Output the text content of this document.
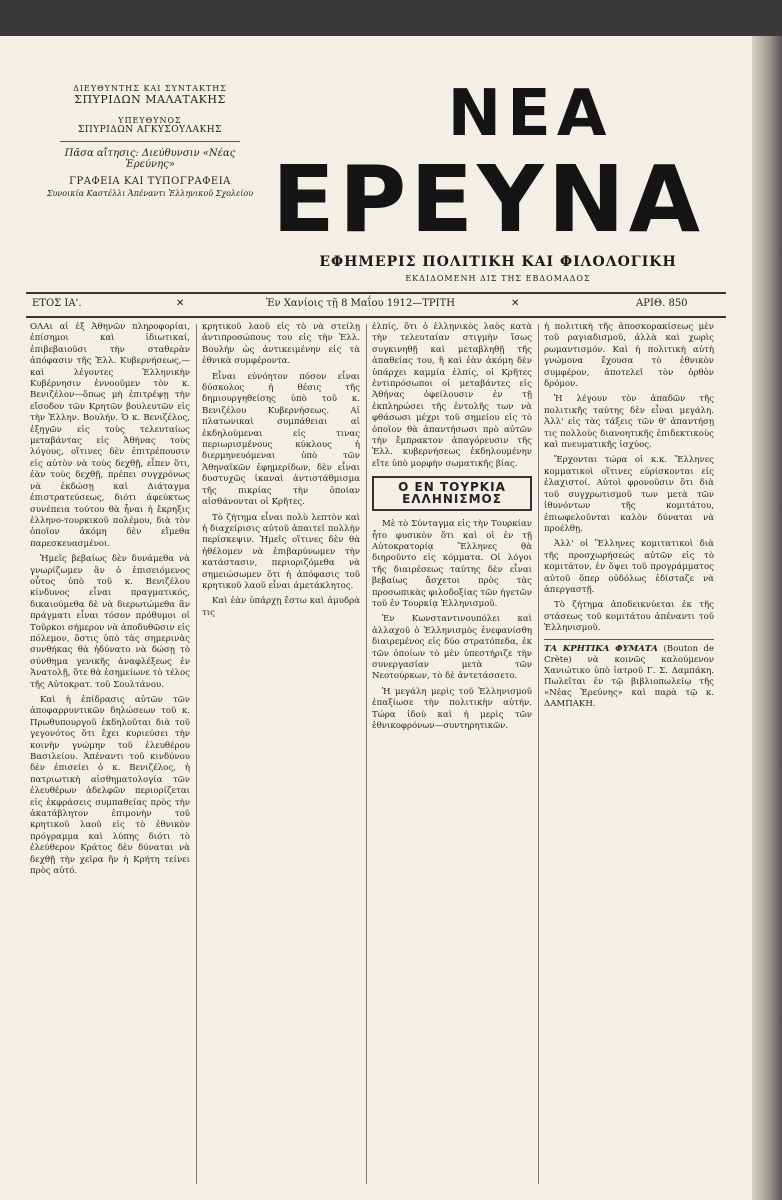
ΔΙΕΥΘΥΝΤΗΣ ΚΑΙ ΣΥΝΤΑΚΤΗΣ
ΣΠΥΡΙΔΩΝ ΜΑΛΑΤΑΚΗΣ
ΥΠΕΥΘΥΝΟΣ
ΣΠΥΡΙΔΩΝ ΑΓΚΥΣΟΥΛΑΚΗΣ
Πᾶσα αἴτησις: Διεύθυνσιν «Νέας Ἐρεύνης»
ΓΡΑΦΕΙΑ ΚΑΙ ΤΥΠΟΓΡΑΦΕΙΑ
Συνοικία Καστέλλι Ἀπέναντι Ἑλληνικοῦ Σχολείου
ΝΕΑ
ΕΡΕΥΝΑ
ΕΦΗΜΕΡΙΣ ΠΟΛΙΤΙΚΗ ΚΑΙ ΦΙΛΟΛΟΓΙΚΗ
ΕΚΔΙΔΟΜΕΝΗ ΔΙΣ ΤΗΣ ΕΒΔΟΜΑΔΟΣ
ΕΤΟΣ ΙΑ'.	✕	Ἐν Χανίοις τῇ 8 Μαΐου 1912—ΤΡΙΤΗ	✕	ΑΡΙΘ. 850

ΟΛΑι αἱ ἐξ Ἀθηνῶν πληροφορίαι, ἐπίσημοι καὶ ἰδιωτικαί, ἐπιβεβαιοῦσι τὴν σταθερὰν ἀπόφασιν τῆς Ἑλλ. Κυβερνήσεως,—καὶ λέγοντες Ἑλληνικὴν Κυβέρνησιν ἐννοοῦμεν τὸν κ. Βενιζέλον—ὅπως μὴ ἐπιτρέψῃ τὴν εἴσοδον τῶν Κρητῶν βουλευτῶν εἰς τὴν Ἑλλην. Βουλήν. Ὁ κ. Βενιζέλος, ἐξηγῶν εἰς τοὺς τελευταίως μεταβάντας εἰς Ἀθήνας τοὺς λόγους, οἵτινες δὲν ἐπιτρέπουσιν εἰς αὐτὸν νὰ τοὺς δεχθῇ, εἶπεν ὅτι, ἐὰν τοὺς δεχθῇ, πρέπει συγχρόνως νὰ ἐκδώσῃ καὶ Διάταγμα ἐπιστρατεύσεως, διότι ἀφεύκτως συνέπεια τούτου θὰ ἦναι ἡ ἔκρηξις ἑλληνο-τουρκικοῦ πολέμου, διὰ τὸν ὁποῖον ἀκόμη δὲν εἴμεθα παρεσκευασμένοι.

Ἡμεῖς βεβαίως δὲν δυνάμεθα νὰ γνωρίζωμεν ἂν ὁ ἐπισειόμενος οὗτος ὑπὸ τοῦ κ. Βενιζέλου κίνδυνος εἶναι πραγματικός, δικαιούμεθα δὲ νὰ διερωτώμεθα ἂν πράγματι εἶναι τόσον πρόθυμοι οἱ Τοῦρκοι σήμερον νὰ ἀποδυθῶσιν εἰς πόλεμον, ὅστις ὑπὸ τὰς σημερινὰς συνθήκας θὰ ἠδύνατο νὰ δώσῃ τὸ σύνθημα γενικῆς ἀναφλέξεως ἐν Ἀνατολῇ, ὅτε θὰ ἐσημείωνε τὸ τέλος τῆς Αὐτοκρατ. τοῦ Σουλτάνου.

Καὶ ἡ ἐπίδρασις αὐτῶν τῶν ἀποφαρρυντικῶν δηλώσεων τοῦ κ. Πρωθυπουργοῦ ἐκδηλοῦται διὰ τοῦ γεγονότος ὅτι ἔχει κυριεύσει τὴν κοινὴν γνώμην τοῦ ἐλευθέρου Βασιλείου. Ἀπέναντι τοῦ κινδύνου δὲν ἐπισείει ὁ κ. Βενιζέλος, ἡ πατριωτικὴ αἰσθηματολογία τῶν ἐλευθέρων ἀδελφῶν περιορίζεται εἰς ἐκφράσεις συμπαθείας πρὸς τὴν ἀκατάβλητον ἐπιμονὴν τοῦ κρητικοῦ λαοῦ εἰς τὸ ἐθνικὸν πρόγραμμα καὶ λύπης διότι τὸ ἐλεύθερον Κράτος δὲν δύναται νὰ δεχθῇ τὴν χεῖρα ἣν ἡ Κρήτη τείνει πρὸς αὐτό.

κρητικοῦ λαοῦ εἰς τὸ νὰ στείλῃ ἀντιπροσώπους του εἰς τὴν Ἑλλ. Βουλὴν ὡς ἀντικειμένην εἰς τὰ ἐθνικὰ συμφέροντα.

Εἶναι εὐνόητον πόσον εἶναι δύσκολος ἡ θέσις τῆς δημιουργηθείσης ὑπὸ τοῦ κ. Βενιζέλου Κυβερνήσεως. Αἱ πλατωνικαὶ συμπάθειαι αἱ ἐκδηλούμεναι εἰς τινας περιωρισμένους κύκλους ἡ διερμηνευόμεναι ὑπὸ τῶν Ἀθηναϊκῶν ἐφημερίδων, δὲν εἶναι δυστυχῶς ἱκαναὶ ἀντιστάθμισμα τῆς πικρίας τὴν ὁποίαν αἰσθάνονται οἱ Κρῆτες.

Τὸ ζήτημα εἶναι πολὺ λεπτὸν καὶ ἡ διαχείρισις αὐτοῦ ἀπαιτεῖ πολλὴν περίσκεψιν. Ἡμεῖς οἵτινες δὲν θὰ ἠθέλομεν νὰ ἐπιβαρύνωμεν τὴν κατάστασιν, περιοριζόμεθα νὰ σημειώσωμεν ὅτι ἡ ἀπόφασις τοῦ κρητικοῦ λαοῦ εἶναι ἀμετάκλητος.

Καὶ ἐὰν ὑπάρχῃ ἔστω καὶ ἀμυδρὰ τις

ἐλπίς, ὅτι ὁ ἑλληνικὸς λαὸς κατὰ τὴν τελευταίαν στιγμὴν ἴσως συγκινηθῇ καὶ μεταβληθῇ τῆς ἀπαθείας του, ἢ καὶ ἐὰν ἀκόμη δὲν ὑπάρχει καμμία ἐλπίς, οἱ Κρῆτες ἐντιπρόσωποι οἱ μεταβάντες εἰς Ἀθήνας ὀφείλουσιν ἐν τῇ ἐκπληρώσει τῆς ἐντολῆς των νὰ φθάσωσι μέχρι τοῦ σημείου εἰς τὸ ὁποῖον θὰ ἀπαντήσωσι πρὸ αὐτῶν τὴν ἔμπρακτον ἀπαγόρευσιν τῆς Ἑλλ. κυβερνήσεως ἐκδηλουμένην εἴτε ὑπὸ μορφὴν σωματικῆς βίας.

Ο ΕΝ ΤΟΥΡΚΙΑ ΕΛΛΗΝΙΣΜΟΣ

Μὲ τὸ Σύνταγμα εἰς τὴν Τουρκίαν ἦτο φυσικὸν ὅτι καὶ οἱ ἐν τῇ Αὐτοκρατορίᾳ Ἕλληνες θὰ διηροῦντο εἰς κόμματα. Οἱ λόγοι τῆς διαιρέσεως ταύτης δὲν εἶναι βεβαίως ἄσχετοι πρὸς τὰς προσωπικὰς φιλοδοξίας τῶν ἠγετῶν τοῦ ἐν Τουρκίᾳ Ἑλληνισμοῦ.

Ἐν Κωνσταντινουπόλει καὶ ἀλλαχοῦ ὁ Ἑλληνισμὸς ἐνεφανίσθη διαιρεμένος εἰς δύο στρατόπεδα, ἐκ τῶν ὁποίων τὸ μὲν ὑπεστήριζε τὴν συνεργασίαν μετὰ τῶν Νεοτούρκων, τὸ δὲ ἀντετάσσετο.

Ἡ μεγάλη μερὶς τοῦ Ἑλληνισμοῦ ἐπαξίωσε τὴν πολιτικὴν αὐτήν. Τώρα ἰδοὺ καὶ ἡ μερὶς τῶν ἐθνικοφρόνων—συντηρητικῶν.

ἡ πολιτικὴ τῆς ἀποσκορακίσεως μὲν τοῦ ραγιαδισμοῦ, ἀλλὰ καὶ χωρὶς ρωμαντισμόν. Καὶ ἡ πολιτικὴ αὐτὴ γνώμονα ἔχουσα τὸ ἐθνικὸν συμφέρον, ἀποτελεῖ τὸν ὀρθὸν δρόμον.

Ἡ λέγουν τὸν ἀπαδῶν τῆς πολιτικῆς ταύτης δὲν εἶναι μεγάλη. Ἀλλ' εἰς τὰς τάξεις τῶν θ' ἀπαντήσῃ τις πολλοὺς διανοητικῆς ἐπιδεκτικοὺς καὶ πνευματικῆς ἰσχύος.

Ἔρχονται τώρα οἱ κ.κ. Ἕλληνες κομματικοὶ οἵτινες εὑρίσκονται εἰς ἐλαχιστοί. Αὐτοὶ φρονοῦσιν ὅτι διὰ τοῦ συγχρωτισμοῦ των μετὰ τῶν ἰθυνόντων τῆς κομιτάτου, ἐπιωφελοῦνται καλὸν δύναται νὰ προέλθῃ.

Ἀλλ' οἱ Ἕλληνες κομιτατικοὶ διὰ τῆς προσχωρήσεώς αὐτῶν εἰς τὸ κομιτάτον, ἐν ὅψει τοῦ προγράμματος αὐτοῦ ὅπερ οὐδόλως ἐδίσταζε νὰ ἀπεργαστῇ.

Τὸ ζήτημα ἀποδεικνύεται ἐκ τῆς στάσεως τοῦ κομιτάτου ἀπέναντι τοῦ Ἑλληνισμοῦ.

ΤΑ ΚΡΗΤΙΚΑ ΦΥΜΑΤΑ (Bouton de Crète) νὰ κοινῶς καλούμενον Χανιώτικο ὑπὸ ἰατροῦ Γ. Σ. Δαμπάκη. Πωλεῖται ἐν τῷ βιβλιοπωλείῳ τῆς «Νέας Ἐρεύνης» καὶ παρὰ τῷ κ. ΔΑΜΠΑΚΗ.
